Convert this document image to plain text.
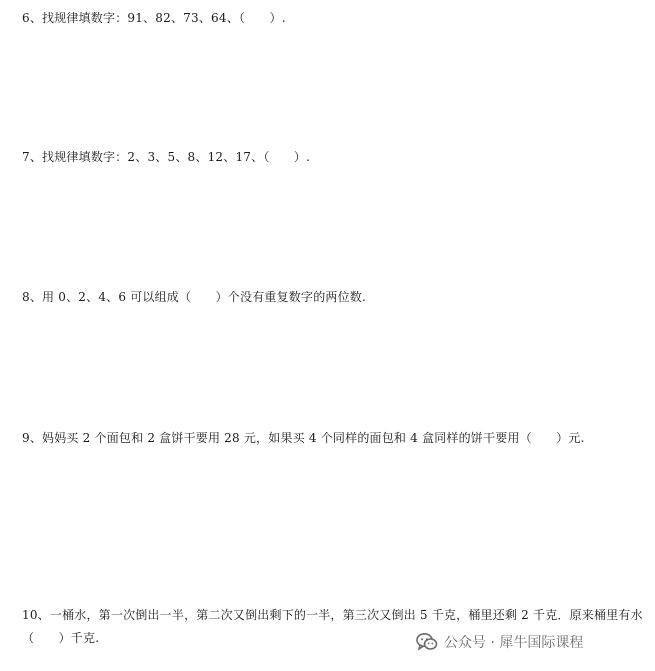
6、找规律填数字：91、82、73、64、（　　）.
7、找规律填数字：2、3、5、8、12、17、（　　）.
8、用 0、2、4、6 可以组成（　　）个没有重复数字的两位数.
9、妈妈买 2 个面包和 2 盒饼干要用 28 元，如果买 4 个同样的面包和 4 盒同样的饼干要用（　　）元.
10、一桶水，第一次倒出一半，第二次又倒出剩下的一半，第三次又倒出 5 千克，桶里还剩 2 千克．原来桶里有水（　　）千克.	公众号 · 犀牛国际课程
